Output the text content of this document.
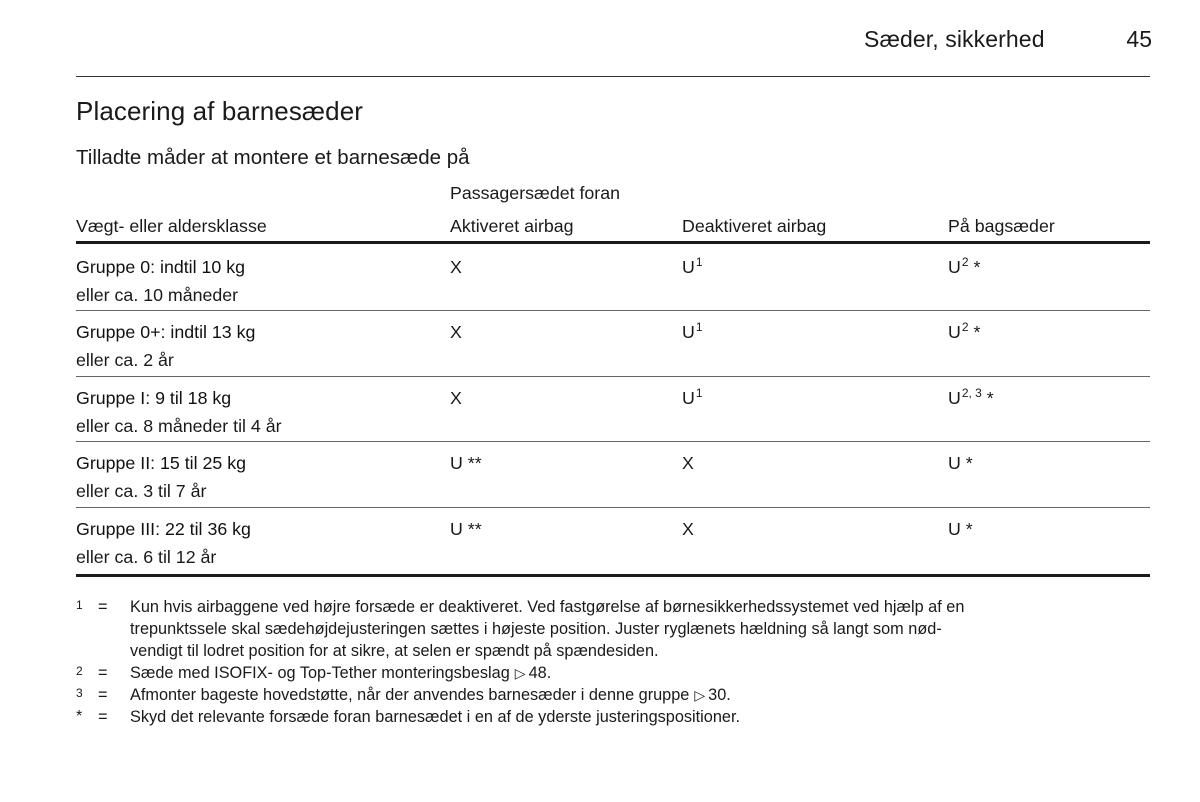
Sæder, sikkerhed	45
Placering af barnesæder
Tilladte måder at montere et barnesæde på
Passagersædet foran
Vægt- eller aldersklasse	Aktiveret airbag	Deaktiveret airbag	På bagsæder
Gruppe 0: indtil 10 kg
eller ca. 10 måneder
X	$U^1$	$U^2$ *
Gruppe 0+: indtil 13 kg
eller ca. 2 år
X	$U^1$	$U^2$ *
Gruppe I: 9 til 18 kg
eller ca. 8 måneder til 4 år
X	$U^1$	U$^{2, 3}$ *
Gruppe II: 15 til 25 kg
eller ca. 3 til 7 år
U **	X	U *
Gruppe III: 22 til 36 kg
eller ca. 6 til 12 år
U **	X	U *
1 =	Kun hvis airbaggene ved højre forsæde er deaktiveret. Ved fastgørelse af børnesikkerhedssystemet ved hjælp af en
trepunktssele skal sædehøjdejusteringen sættes i højeste position. Juster ryglænets hældning så langt som nød-
vendigt til lodret position for at sikre, at selen er spændt på spændesiden.
2 =	Sæde med ISOFIX- og Top-Tether monteringsbeslag ▷ 48.
3 =	Afmonter bageste hovedstøtte, når der anvendes barnesæder i denne gruppe ▷ 30.
* =	Skyd det relevante forsæde foran barnesædet i en af de yderste justeringspositioner.
